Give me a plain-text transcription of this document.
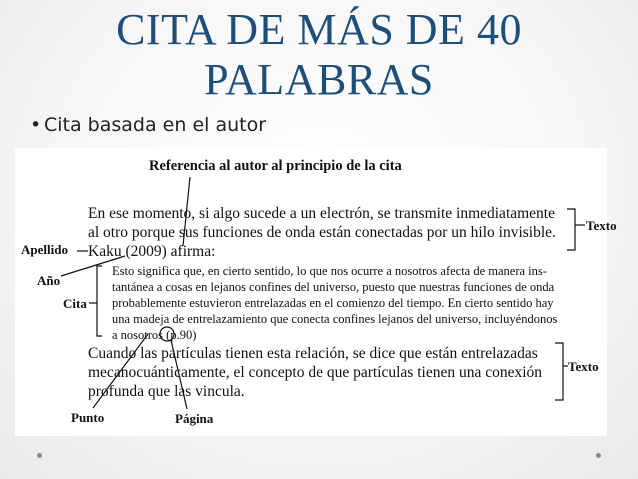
CITA DE MÁS DE 40
PALABRAS
• Cita basada en el autor
Referencia al autor al principio de la cita
En ese momento, si algo sucede a un electrón, se transmite inmediatamente
al otro porque sus funciones de onda están conectadas por un hilo invisible.
Kaku (2009) afirma:
Esto significa que, en cierto sentido, lo que nos ocurre a nosotros afecta de manera ins-
tantánea a cosas en lejanos confines del universo, puesto que nuestras funciones de onda
probablemente estuvieron entrelazadas en el comienzo del tiempo. En cierto sentido hay
una madeja de entrelazamiento que conecta confines lejanos del universo, incluyéndonos
a nosotros (p.90)
Cuando las partículas tienen esta relación, se dice que están entrelazadas
mecanocuánticamente, el concepto de que partículas tienen una conexión
profunda que las vincula.
Apellido
Año
Cita
Texto
Texto
Punto	Página
